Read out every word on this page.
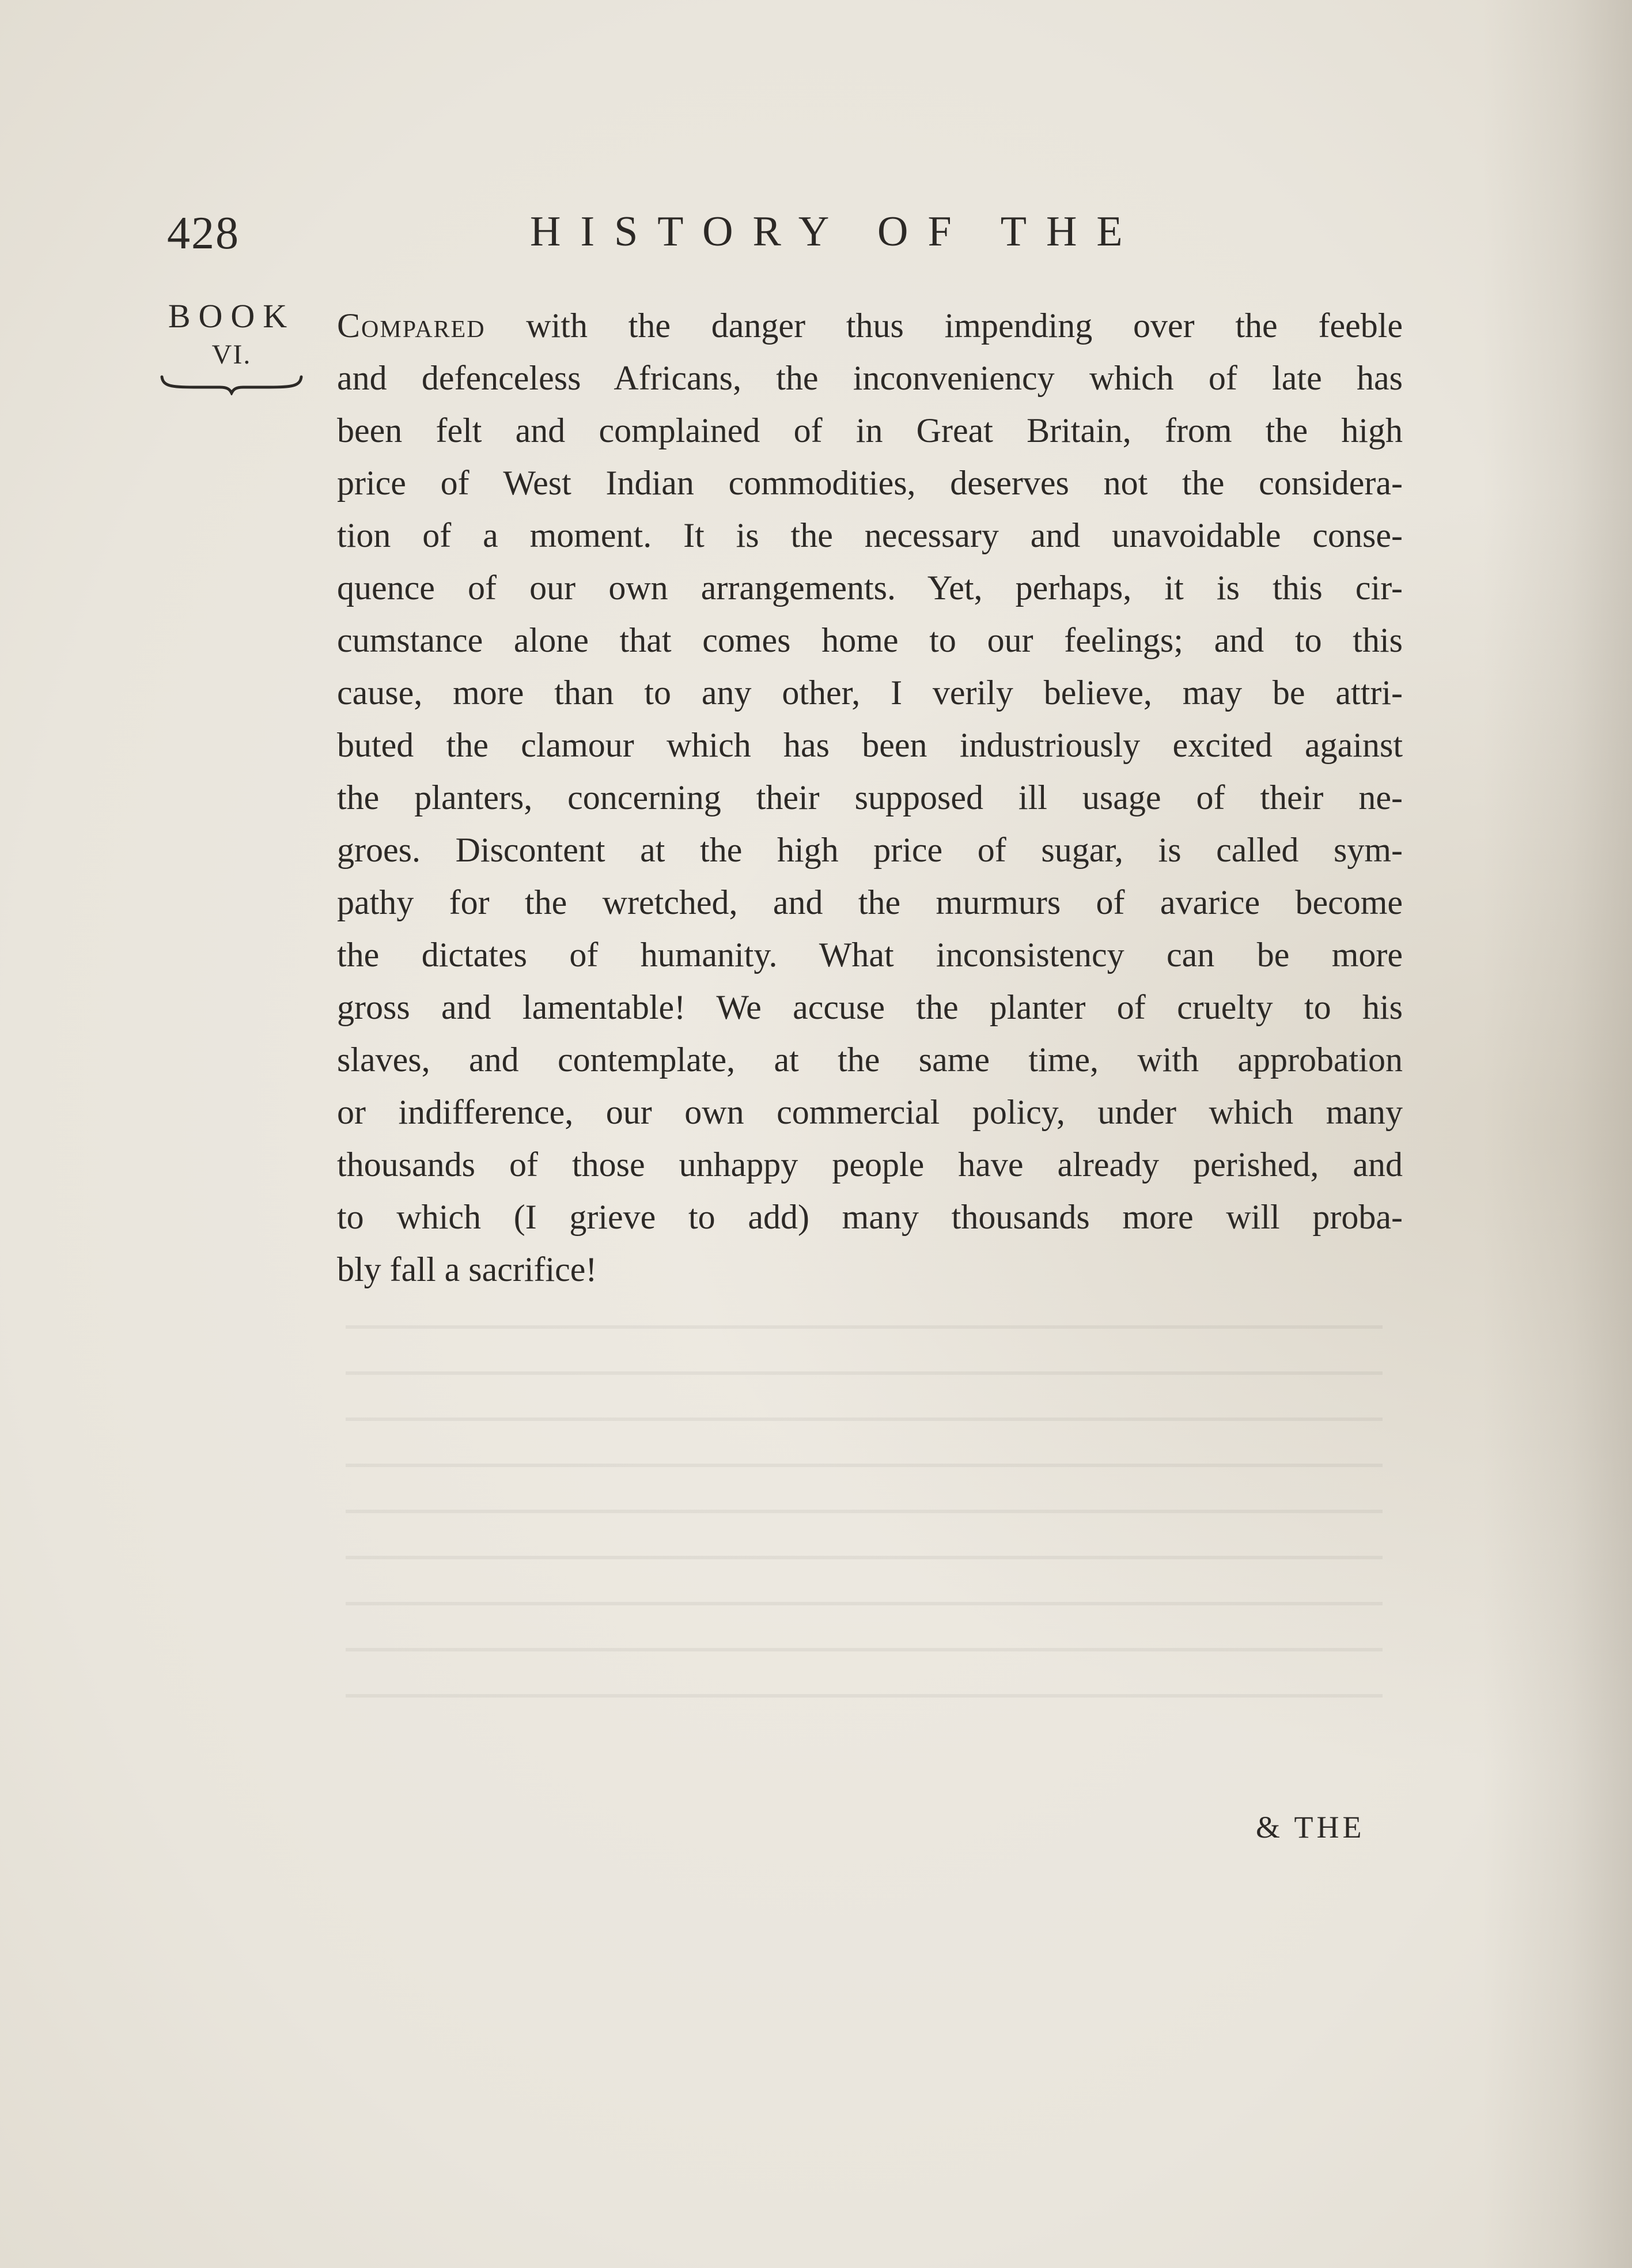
428	HISTORY OF THE
BOOK
VI.
Compared with the danger thus impending over the feeble
and defenceless Africans, the inconveniency which of late has
been felt and complained of in Great Britain, from the high
price of West Indian commodities, deserves not the considera-
tion of a moment. It is the necessary and unavoidable conse-
quence of our own arrangements. Yet, perhaps, it is this cir-
cumstance alone that comes home to our feelings; and to this
cause, more than to any other, I verily believe, may be attri-
buted the clamour which has been industriously excited against
the planters, concerning their supposed ill usage of their ne-
groes. Discontent at the high price of sugar, is called sym-
pathy for the wretched, and the murmurs of avarice become
the dictates of humanity. What inconsistency can be more
gross and lamentable! We accuse the planter of cruelty to his
slaves, and contemplate, at the same time, with approbation
or indifference, our own commercial policy, under which many
thousands of those unhappy people have already perished, and
to which (I grieve to add) many thousands more will proba-
bly fall a sacrifice!
& THE
